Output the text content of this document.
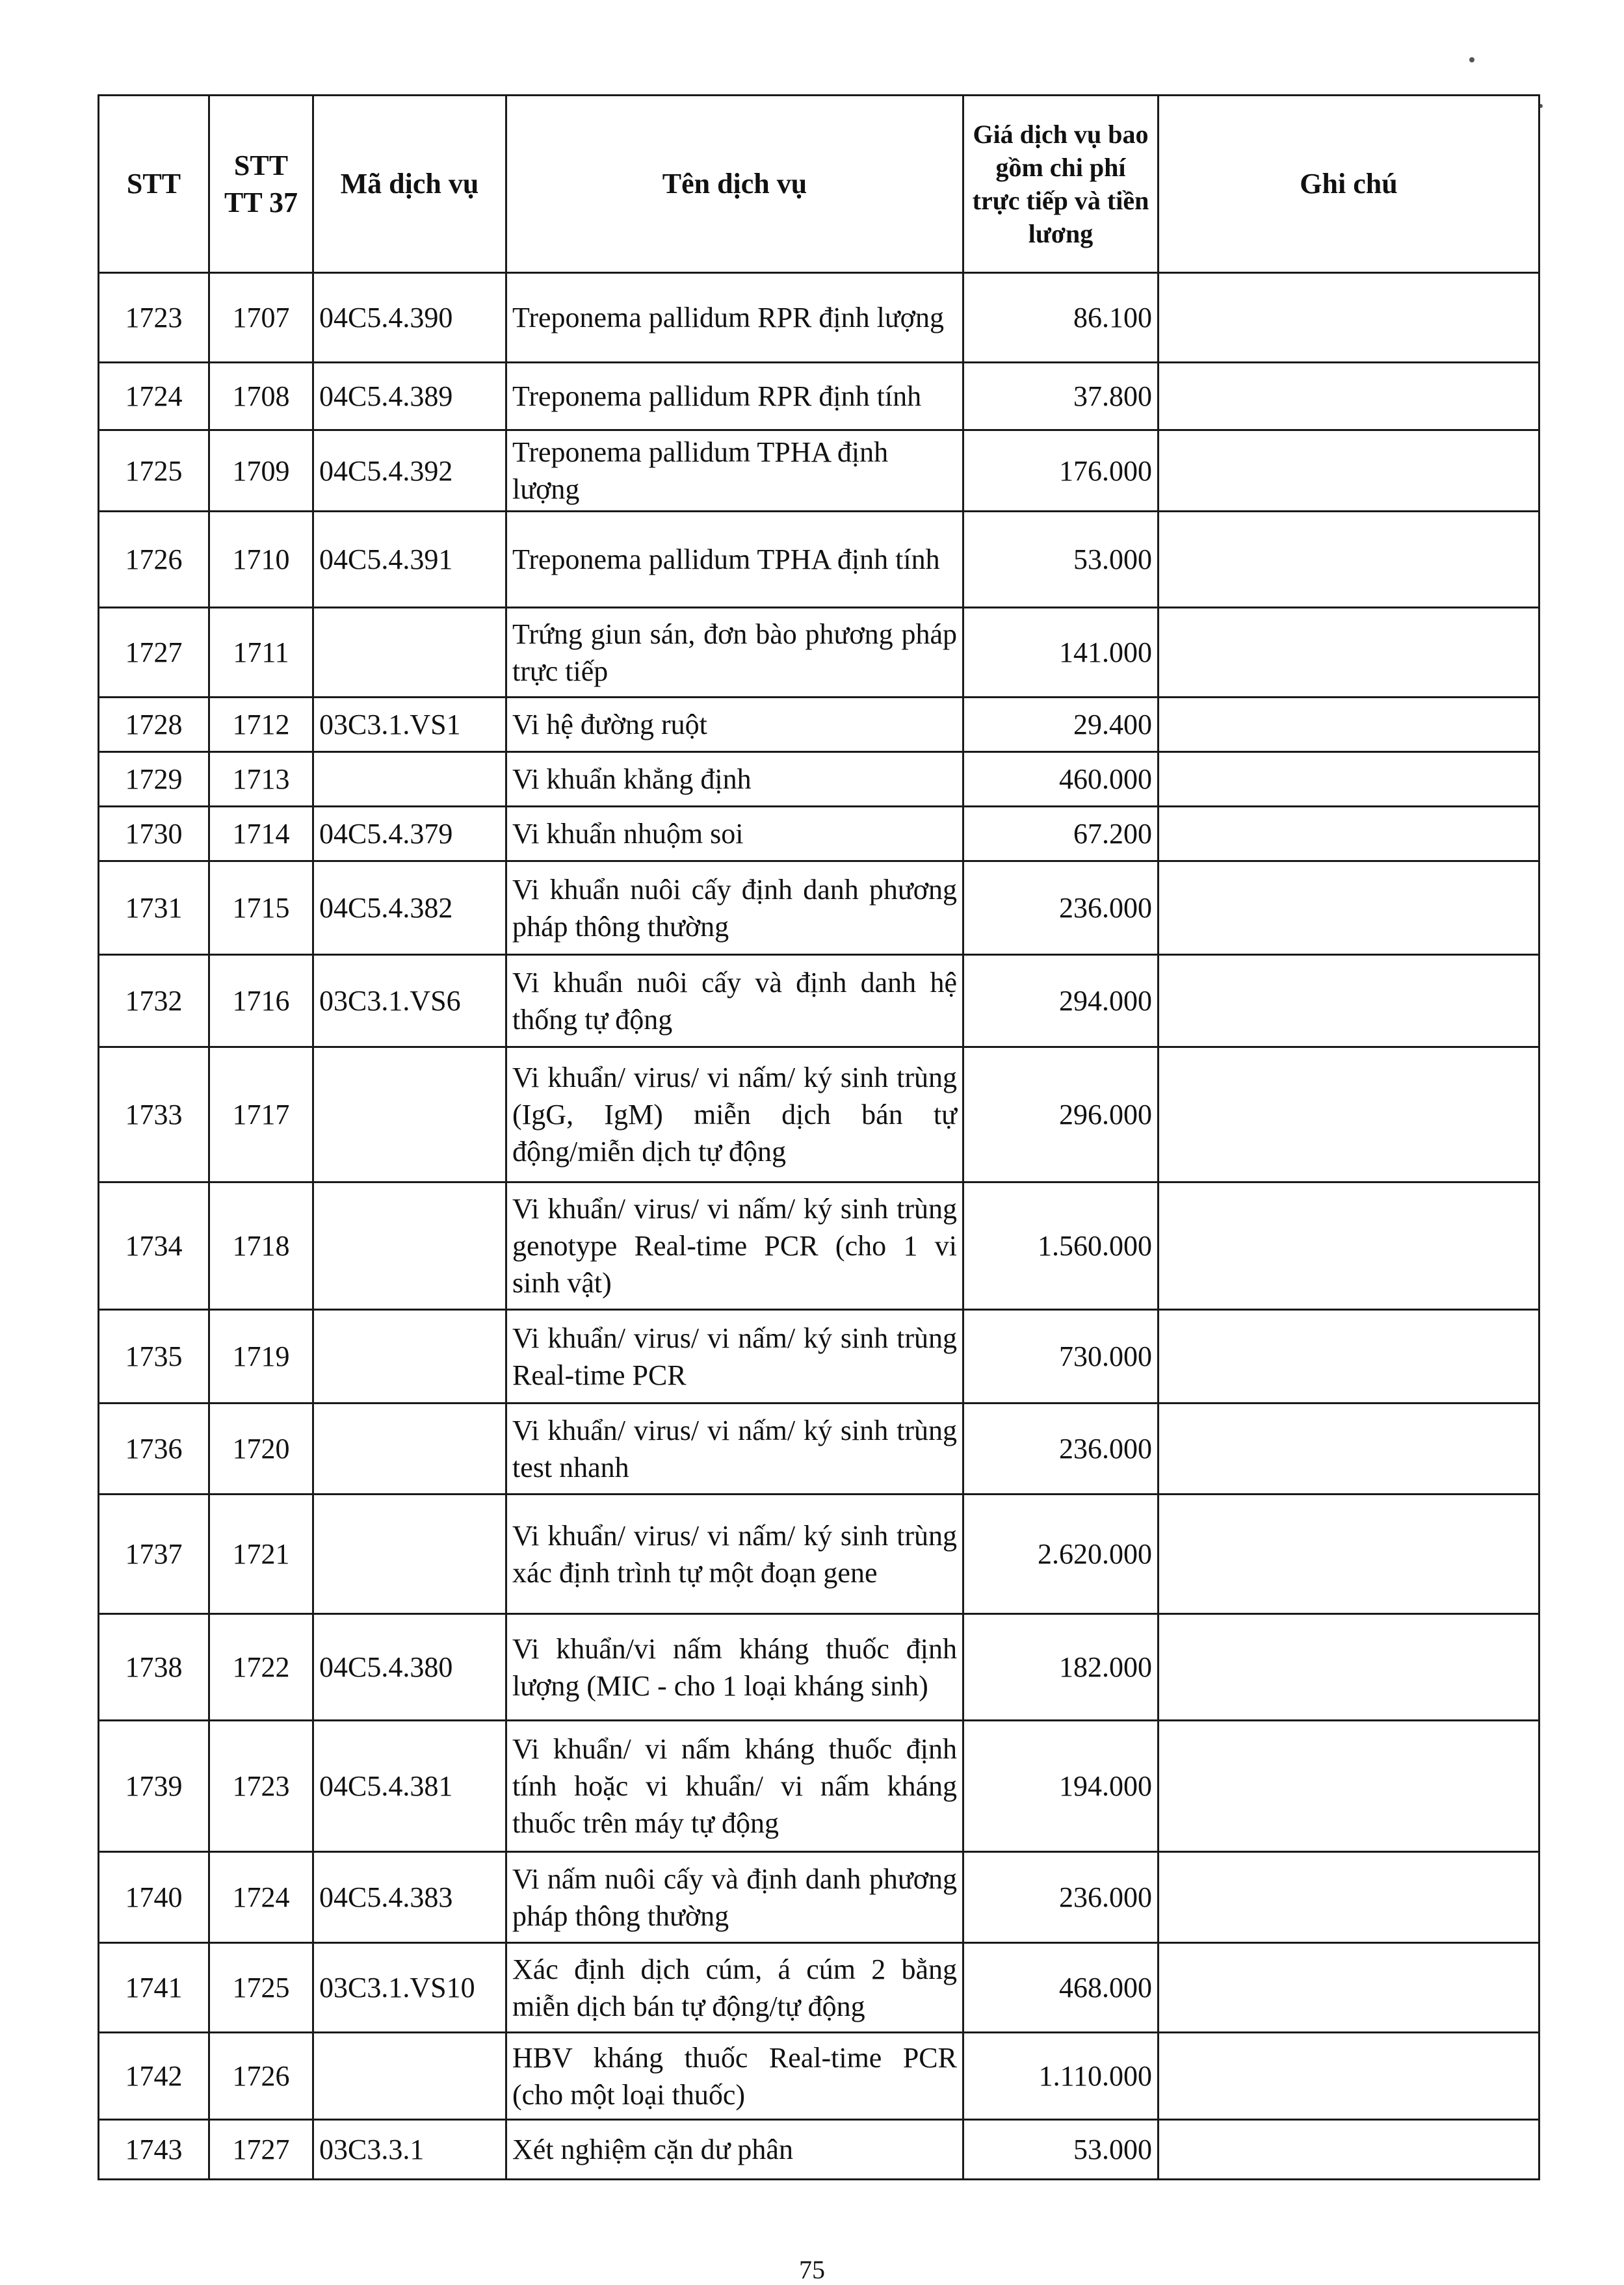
STT	STT TT 37	Mã dịch vụ	Tên dịch vụ	Giá dịch vụ bao gồm chi phí trực tiếp và tiền lương	Ghi chú
1723	1707	04C5.4.390	Treponema pallidum RPR định lượng	86.100	
1724	1708	04C5.4.389	Treponema pallidum RPR định tính	37.800	
1725	1709	04C5.4.392	Treponema pallidum TPHA định lượng	176.000	
1726	1710	04C5.4.391	Treponema pallidum TPHA định tính	53.000	
1727	1711		Trứng giun sán, đơn bào phương pháp trực tiếp	141.000	
1728	1712	03C3.1.VS1	Vi hệ đường ruột	29.400	
1729	1713		Vi khuẩn khẳng định	460.000	
1730	1714	04C5.4.379	Vi khuẩn nhuộm soi	67.200	
1731	1715	04C5.4.382	Vi khuẩn nuôi cấy định danh phương pháp thông thường	236.000	
1732	1716	03C3.1.VS6	Vi khuẩn nuôi cấy và định danh hệ thống tự động	294.000	
1733	1717		Vi khuẩn/ virus/ vi nấm/ ký sinh trùng (IgG, IgM) miễn dịch bán tự động/miễn dịch tự động	296.000	
1734	1718		Vi khuẩn/ virus/ vi nấm/ ký sinh trùng genotype Real-time PCR (cho 1 vi sinh vật)	1.560.000	
1735	1719		Vi khuẩn/ virus/ vi nấm/ ký sinh trùng Real-time PCR	730.000	
1736	1720		Vi khuẩn/ virus/ vi nấm/ ký sinh trùng test nhanh	236.000	
1737	1721		Vi khuẩn/ virus/ vi nấm/ ký sinh trùng xác định trình tự một đoạn gene	2.620.000	
1738	1722	04C5.4.380	Vi khuẩn/vi nấm kháng thuốc định lượng (MIC - cho 1 loại kháng sinh)	182.000	
1739	1723	04C5.4.381	Vi khuẩn/ vi nấm kháng thuốc định tính hoặc vi khuẩn/ vi nấm kháng thuốc trên máy tự động	194.000	
1740	1724	04C5.4.383	Vi nấm nuôi cấy và định danh phương pháp thông thường	236.000	
1741	1725	03C3.1.VS10	Xác định dịch cúm, á cúm 2 bằng miễn dịch bán tự động/tự động	468.000	
1742	1726		HBV kháng thuốc Real-time PCR (cho một loại thuốc)	1.110.000	
1743	1727	03C3.3.1	Xét nghiệm cặn dư phân	53.000	
75
